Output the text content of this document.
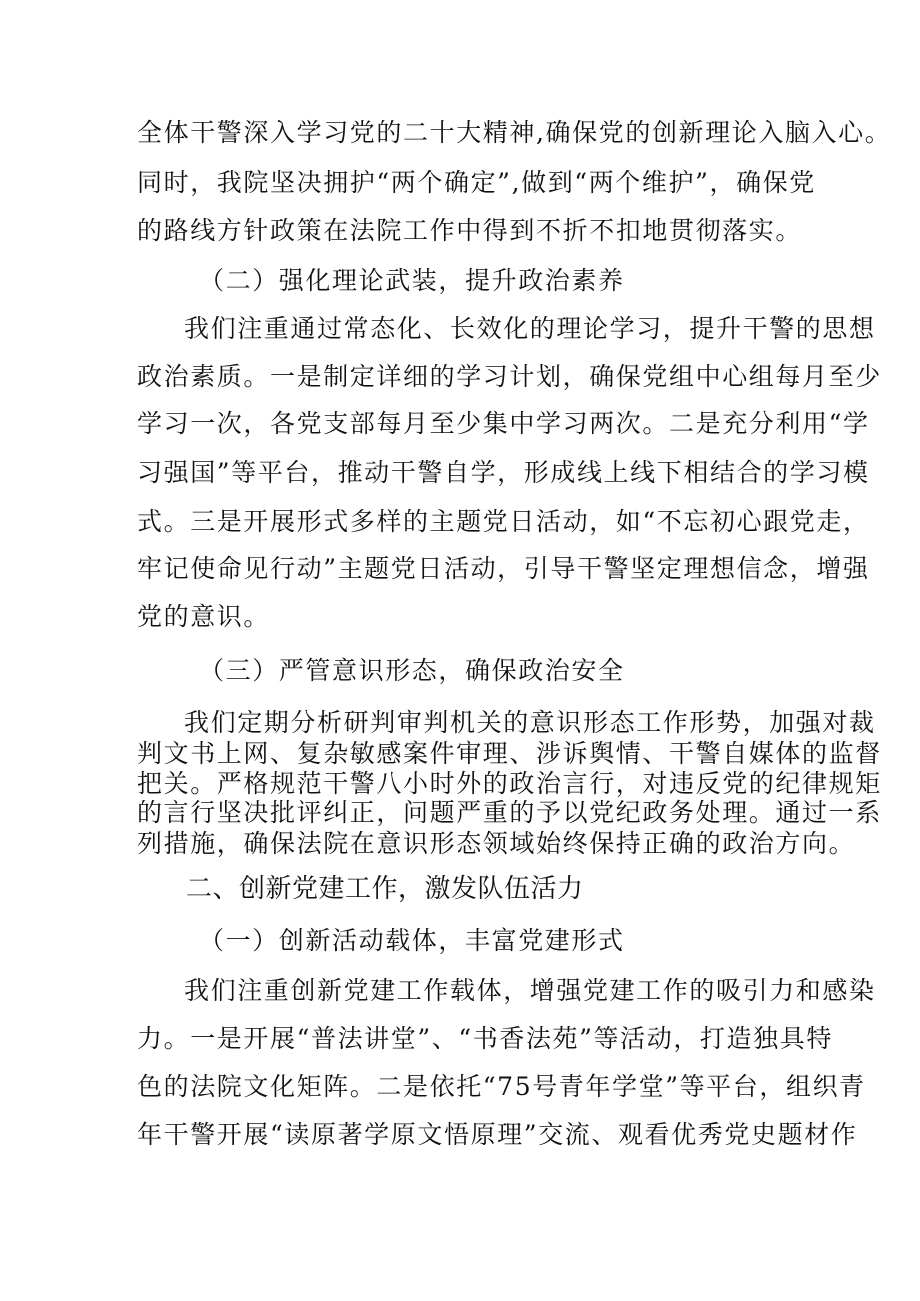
全体干警深入学习党的二十大精神,确保党的创新理论入脑入心。
同时，我院坚决拥护“两个确定”,做到“两个维护”，确保党
的路线方针政策在法院工作中得到不折不扣地贯彻落实。
（二）强化理论武装，提升政治素养
我们注重通过常态化、长效化的理论学习，提升干警的思想
政治素质。一是制定详细的学习计划，确保党组中心组每月至少
学习一次，各党支部每月至少集中学习两次。二是充分利用“学
习强国”等平台，推动干警自学，形成线上线下相结合的学习模
式。三是开展形式多样的主题党日活动，如“不忘初心跟党走，
牢记使命见行动”主题党日活动，引导干警坚定理想信念，增强
党的意识。
（三）严管意识形态，确保政治安全
我们定期分析研判审判机关的意识形态工作形势，加强对裁
判文书上网、复杂敏感案件审理、涉诉舆情、干警自媒体的监督
把关。严格规范干警八小时外的政治言行，对违反党的纪律规矩
的言行坚决批评纠正，问题严重的予以党纪政务处理。通过一系
列措施，确保法院在意识形态领域始终保持正确的政治方向。
二、创新党建工作，激发队伍活力
（一）创新活动载体，丰富党建形式
我们注重创新党建工作载体，增强党建工作的吸引力和感染
力。一是开展“普法讲堂”、“书香法苑”等活动，打造独具特
色的法院文化矩阵。二是依托“75号青年学堂”等平台，组织青
年干警开展“读原著学原文悟原理”交流、观看优秀党史题材作
